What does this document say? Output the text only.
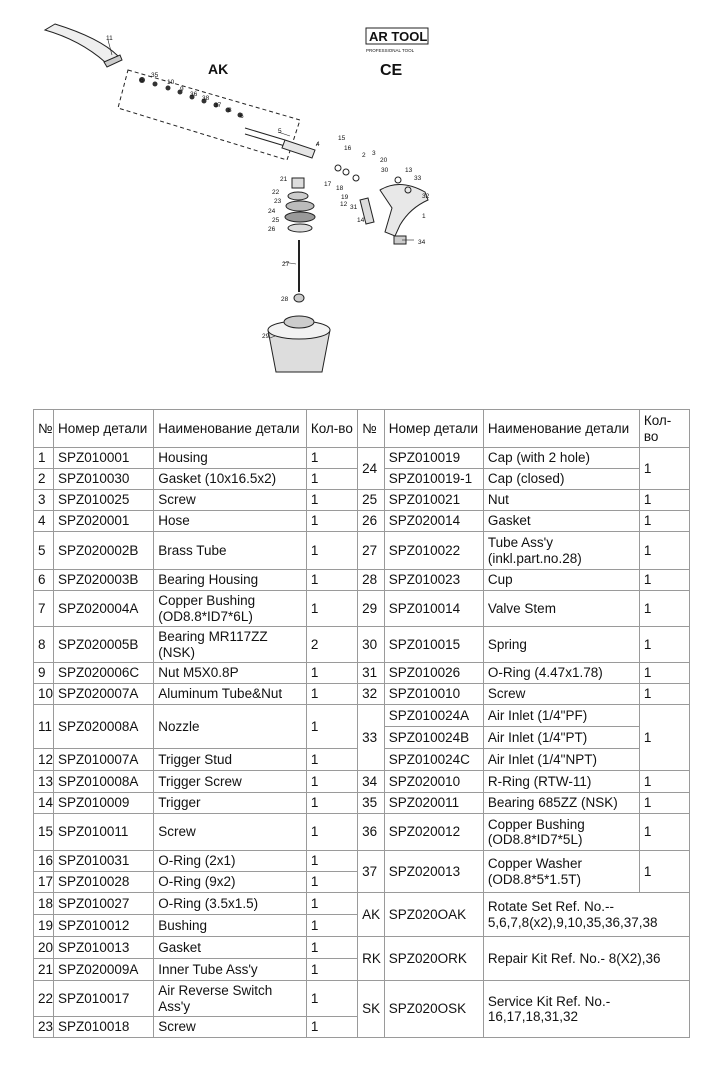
11
35
6	10
9
36
38
37
8
6
5
4
15
16
2 3
20
30	13
33
32
17
18
19
31
12
14
1
21
22
23
24
25
26
34
27
28
29
AK
AR TOOL
PROFESSIONAL TOOL
CE
№	Номер детали	Наименование детали	Кол-во	№	Номер детали	Наименование детали	Кол-во
1	SPZ010001	Housing	1	24	SPZ010019	Cap (with 2 hole)	1
2	SPZ010030	Gasket (10x16.5x2)	1		SPZ010019-1	Cap (closed)	
3	SPZ010025	Screw	1	25	SPZ010021	Nut	1
4	SPZ020001	Hose	1	26	SPZ020014	Gasket	1
5	SPZ020002B	Brass Tube	1	27	SPZ010022	Tube Ass'y (inkl.part.no.28)	1
6	SPZ020003B	Bearing Housing	1	28	SPZ010023	Cup	1
7	SPZ020004A	Copper Bushing (OD8.8*ID7*6L)	1	29	SPZ010014	Valve Stem	1
8	SPZ020005B	Bearing MR117ZZ (NSK)	2	30	SPZ010015	Spring	1
9	SPZ020006C	Nut M5X0.8P	1	31	SPZ010026	O-Ring (4.47x1.78)	1
10	SPZ020007A	Aluminum Tube&Nut	1	32	SPZ010010	Screw	1
11	SPZ020008A	Nozzle	1	33	SPZ010024A	Air Inlet (1/4"PF)	1
					SPZ010024B	Air Inlet (1/4"PT)	
12	SPZ010007A	Trigger Stud	1		SPZ010024C	Air Inlet (1/4"NPT)	
13	SPZ010008A	Trigger Screw	1	34	SPZ020010	R-Ring (RTW-11)	1
14	SPZ010009	Trigger	1	35	SPZ020011	Bearing 685ZZ (NSK)	1
15	SPZ010011	Screw	1	36	SPZ020012	Copper Bushing (OD8.8*ID7*5L)	1
16	SPZ010031	O-Ring (2x1)	1	37	SPZ020013	Copper Washer (OD8.8*5*1.5T)	1
17	SPZ010028	O-Ring (9x2)	1				
18	SPZ010027	O-Ring (3.5x1.5)	1	AK	SPZ020OAK	Rotate Set Ref. No.-- 5,6,7,8(x2),9,10,35,36,37,38	
19	SPZ010012	Bushing	1				
20	SPZ010013	Gasket	1	RK	SPZ020ORK	Repair Kit Ref. No.- 8(X2),36	
21	SPZ020009A	Inner Tube Ass'y	1				
22	SPZ010017	Air Reverse Switch Ass'y	1	SK	SPZ020OSK	Service Kit Ref. No.- 16,17,18,31,32	
23	SPZ010018	Screw	1				
